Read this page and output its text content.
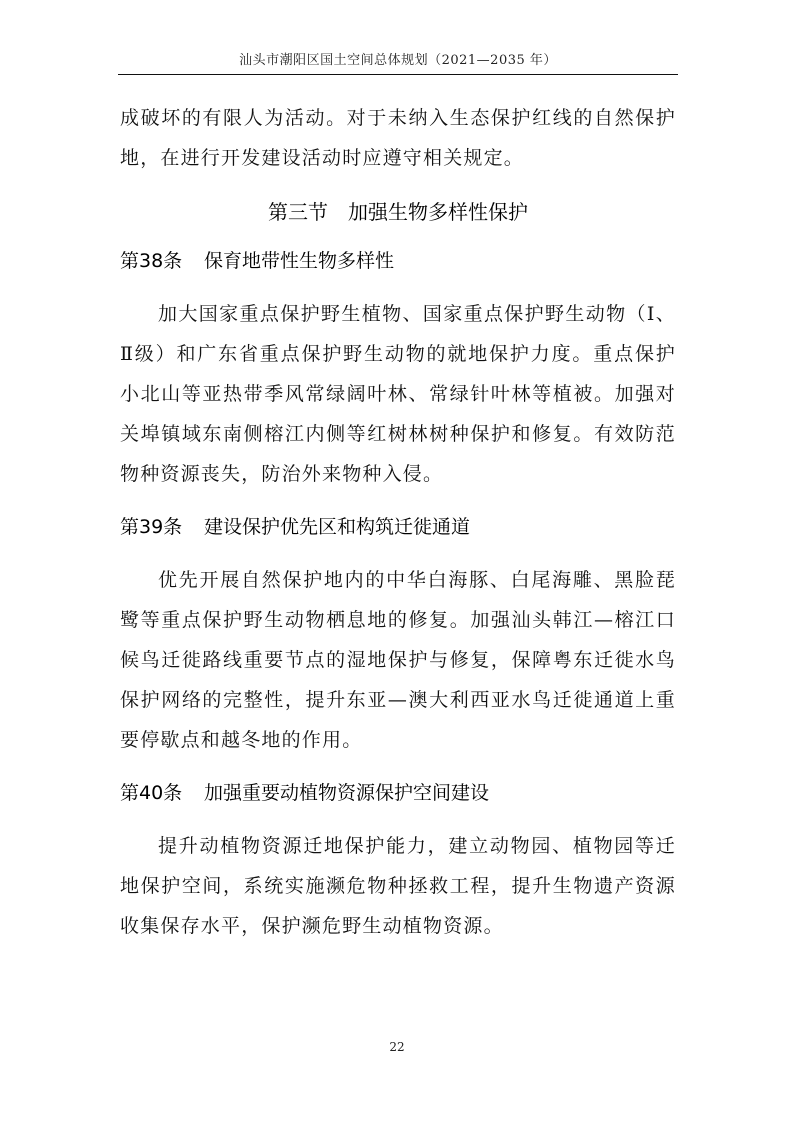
汕头市潮阳区国土空间总体规划（2021—2035 年）

成破坏的有限人为活动。对于未纳入生态保护红线的自然保护地，在进行开发建设活动时应遵守相关规定。

第三节　加强生物多样性保护
第38条 保育地带性生物多样性

加大国家重点保护野生植物、国家重点保护野生动物（Ⅰ、Ⅱ级）和广东省重点保护野生动物的就地保护力度。重点保护小北山等亚热带季风常绿阔叶林、常绿针叶林等植被。加强对关埠镇域东南侧榕江内侧等红树林树种保护和修复。有效防范物种资源丧失，防治外来物种入侵。

第39条 建设保护优先区和构筑迁徙通道

优先开展自然保护地内的中华白海豚、白尾海雕、黑脸琵鹭等重点保护野生动物栖息地的修复。加强汕头韩江—榕江口候鸟迁徙路线重要节点的湿地保护与修复，保障粤东迁徙水鸟保护网络的完整性，提升东亚—澳大利西亚水鸟迁徙通道上重要停歇点和越冬地的作用。

第40条 加强重要动植物资源保护空间建设

提升动植物资源迁地保护能力，建立动物园、植物园等迁地保护空间，系统实施濒危物种拯救工程，提升生物遗产资源收集保存水平，保护濒危野生动植物资源。

22
